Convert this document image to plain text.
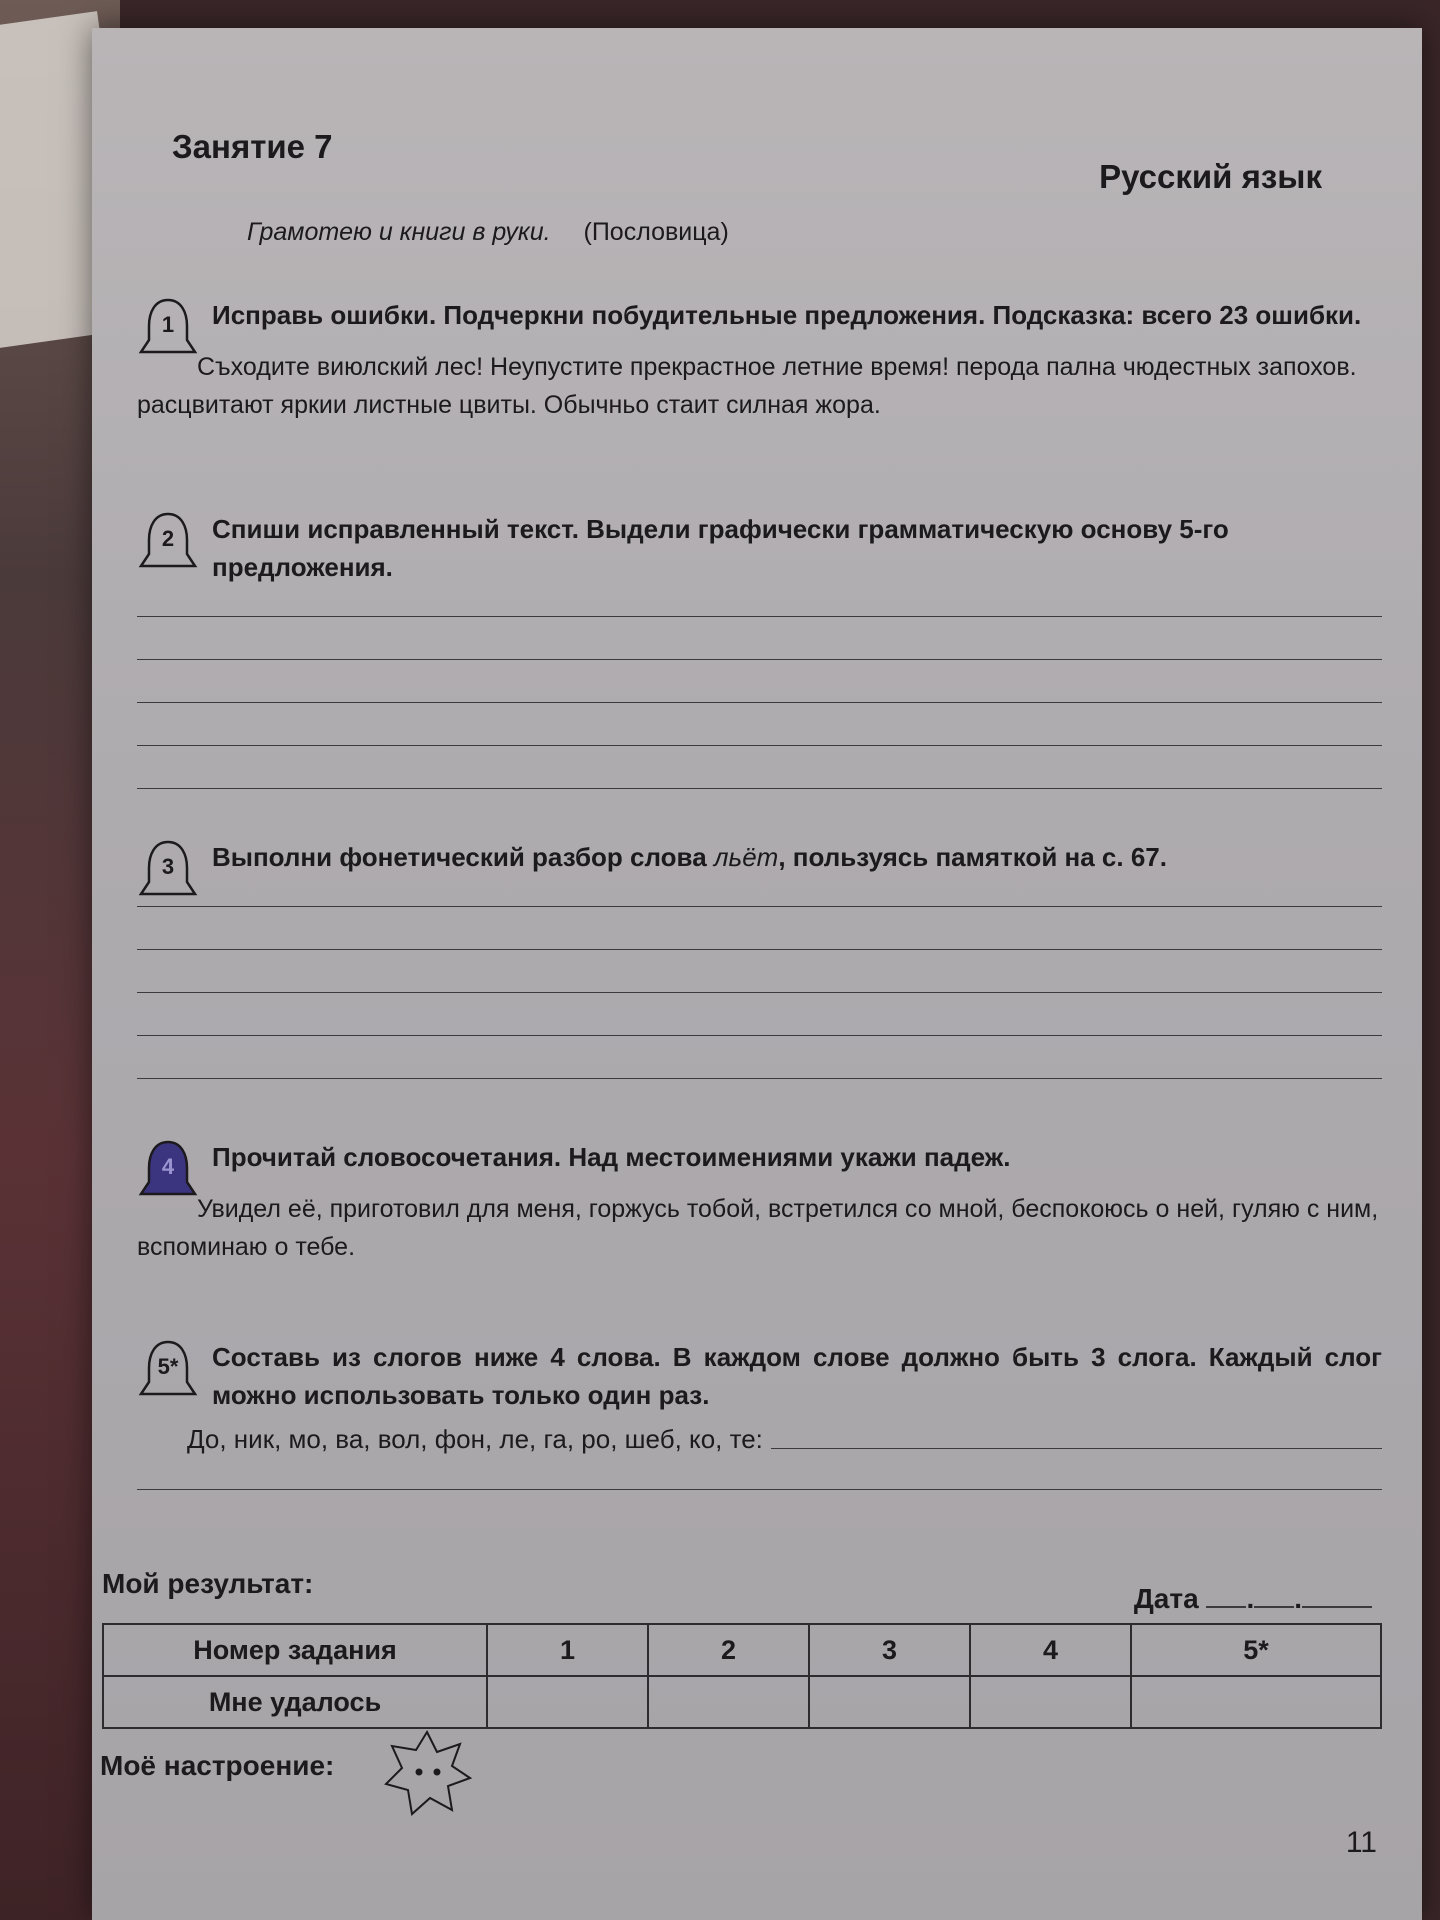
Занятие 7
Русский язык
Грамотею и книги в руки. (Пословица)
1	Исправь ошибки. Подчеркни побудительные предложения. Подсказка: всего 23 ошибки.
Съходите виюлский лес! Неупустите прекрастное летние время! перода пална чюдестных запохов. расцвитают яркии листные цвиты. Обычньо стаит силная жора.
2	Спиши исправленный текст. Выдели графически грамматическую основу 5-го предложения.
3	Выполни фонетический разбор слова льёт, пользуясь памяткой на с. 67.
4	Прочитай словосочетания. Над местоимениями укажи падеж.
Увидел её, приготовил для меня, горжусь тобой, встретился со мной, беспокоюсь о ней, гуляю с ним, вспоминаю о тебе.
5*	Составь из слогов ниже 4 слова. В каждом слове должно быть 3 слога. Каждый слог можно использовать только один раз.
До, ник, мо, ва, вол, фон, ле, га, ро, шеб, ко, те:
Мой результат:	Дата . .
Номер задания	1	2	3	4	5*
Мне удалось					
Моё настроение:
11
